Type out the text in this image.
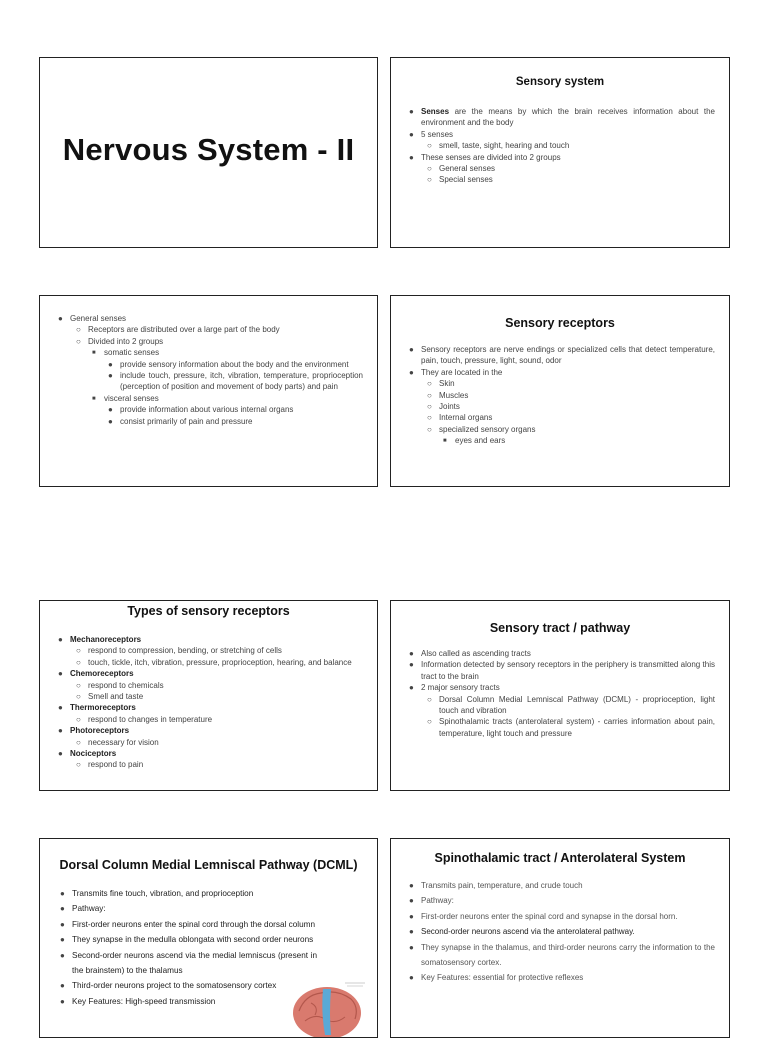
Nervous System - II
Sensory system
● Senses are the means by which the brain receives information about the environment and the body
● 5 senses
○ smell, taste, sight, hearing and touch
● These senses are divided into 2 groups
○ General senses
○ Special senses
● General senses
○ Receptors are distributed over a large part of the body
○ Divided into 2 groups
■ somatic senses
● provide sensory information about the body and the environment
● include touch, pressure, itch, vibration, temperature, proprioception (perception of position and movement of body parts) and pain
■ visceral senses
● provide information about various internal organs
● consist primarily of pain and pressure
Sensory receptors
● Sensory receptors are nerve endings or specialized cells that detect temperature, pain, touch, pressure, light, sound, odor
● They are located in the
○ Skin
○ Muscles
○ Joints
○ Internal organs
○ specialized sensory organs
■ eyes and ears
Types of sensory receptors
● Mechanoreceptors
○ respond to compression, bending, or stretching of cells
○ touch, tickle, itch, vibration, pressure, proprioception, hearing, and balance
● Chemoreceptors
○ respond to chemicals
○ Smell and taste
● Thermoreceptors
○ respond to changes in temperature
● Photoreceptors
○ necessary for vision
● Nociceptors
○ respond to pain
Sensory tract / pathway
● Also called as ascending tracts
● Information detected by sensory receptors in the periphery is transmitted along this tract to the brain
● 2 major sensory tracts
○ Dorsal Column Medial Lemniscal Pathway (DCML) - proprioception, light touch and vibration
○ Spinothalamic tracts (anterolateral system) - carries information about pain, temperature, light touch and pressure
Dorsal Column Medial Lemniscal Pathway (DCML)
● Transmits fine touch, vibration, and proprioception
● Pathway:
● First-order neurons enter the spinal cord through the dorsal column
● They synapse in the medulla oblongata with second order neurons
● Second-order neurons ascend via the medial lemniscus (present in the brainstem) to the thalamus
● Third-order neurons project to the somatosensory cortex
● Key Features: High-speed transmission
Spinothalamic tract / Anterolateral System
● Transmits pain, temperature, and crude touch
● Pathway:
● First-order neurons enter the spinal cord and synapse in the dorsal horn.
● Second-order neurons ascend via the anterolateral pathway.
● They synapse in the thalamus, and third-order neurons carry the information to the somatosensory cortex.
● Key Features: essential for protective reflexes
